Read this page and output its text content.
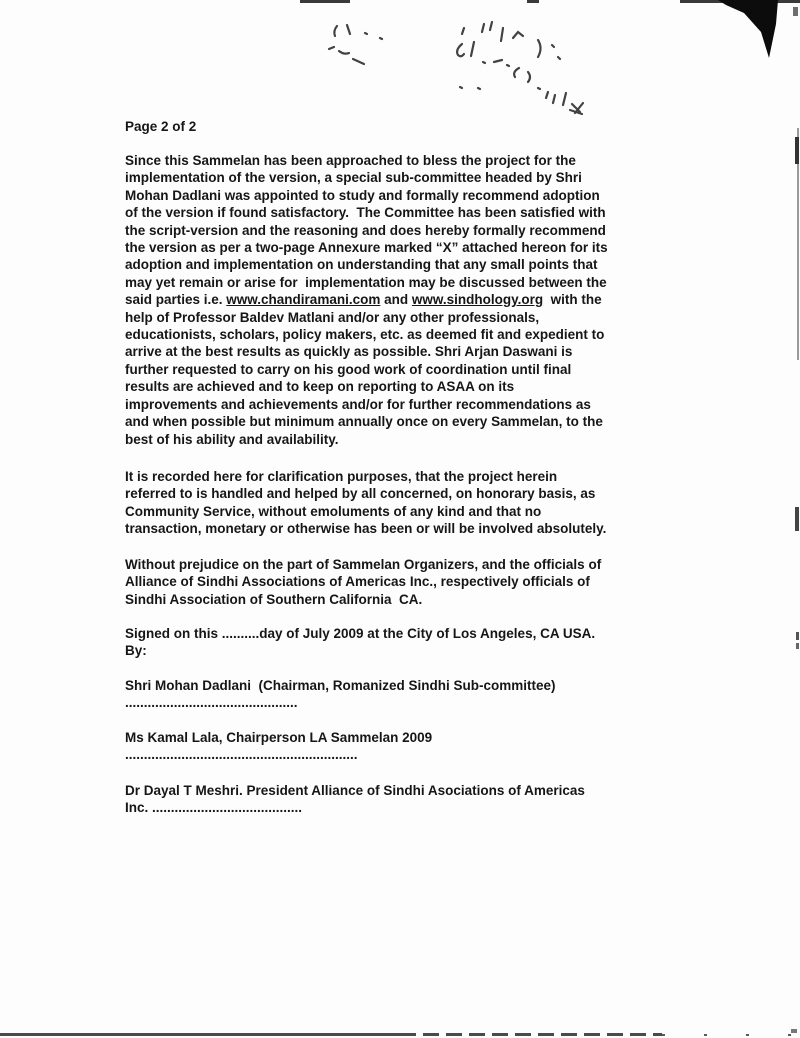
Page 2 of 2
Since this Sammelan has been approached to bless the project for the
implementation of the version, a special sub-committee headed by Shri
Mohan Dadlani was appointed to study and formally recommend adoption
of the version if found satisfactory.  The Committee has been satisfied with
the script-version and the reasoning and does hereby formally recommend
the version as per a two-page Annexure marked “X” attached hereon for its
adoption and implementation on understanding that any small points that
may yet remain or arise for  implementation may be discussed between the
said parties i.e. www.chandiramani.com and www.sindhology.org  with the
help of Professor Baldev Matlani and/or any other professionals,
educationists, scholars, policy makers, etc. as deemed fit and expedient to
arrive at the best results as quickly as possible. Shri Arjan Daswani is
further requested to carry on his good work of coordination until final
results are achieved and to keep on reporting to ASAA on its
improvements and achievements and/or for further recommendations as
and when possible but minimum annually once on every Sammelan, to the
best of his ability and availability.
It is recorded here for clarification purposes, that the project herein
referred to is handled and helped by all concerned, on honorary basis, as
Community Service, without emoluments of any kind and that no
transaction, monetary or otherwise has been or will be involved absolutely.
Without prejudice on the part of Sammelan Organizers, and the officials of
Alliance of Sindhi Associations of Americas Inc., respectively officials of
Sindhi Association of Southern California  CA.
Signed on this ..........day of July 2009 at the City of Los Angeles, CA USA.
By:
Shri Mohan Dadlani  (Chairman, Romanized Sindhi Sub-committee)
..............................................
Ms Kamal Lala, Chairperson LA Sammelan 2009
..............................................................
Dr Dayal T Meshri. President Alliance of Sindhi Asociations of Americas
Inc. ........................................
